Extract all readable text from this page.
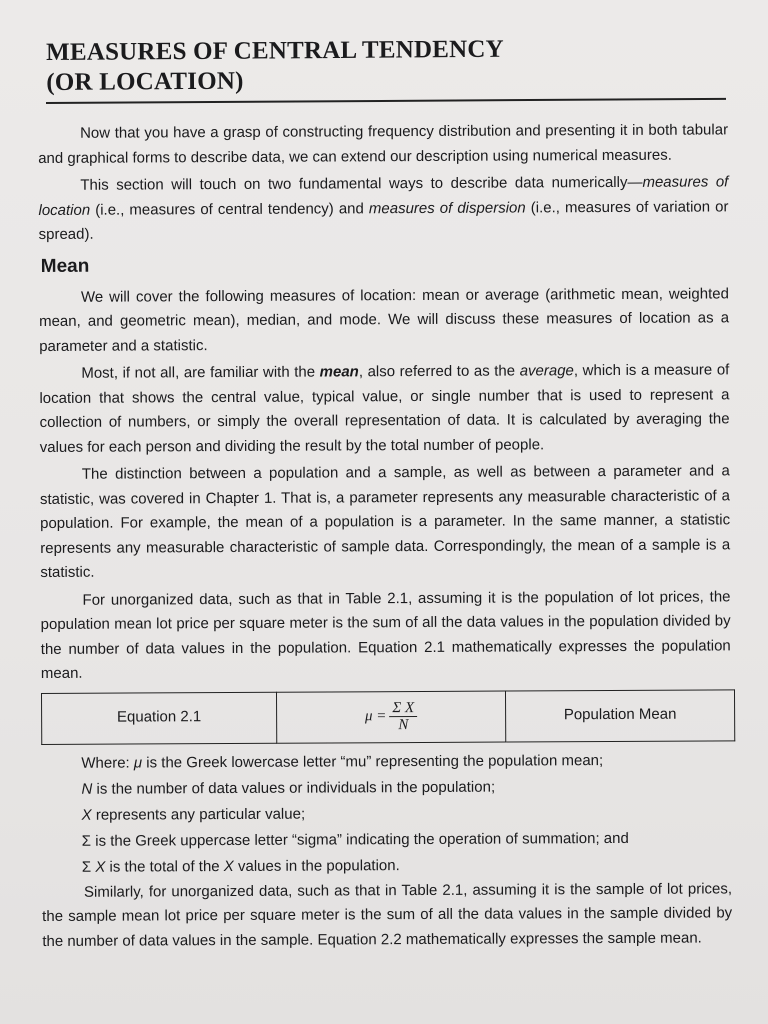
MEASURES OF CENTRAL TENDENCY
(OR LOCATION)

Now that you have a grasp of constructing frequency distribution and presenting it in both tabular and graphical forms to describe data, we can extend our description using numerical measures.

This section will touch on two fundamental ways to describe data numerically—measures of location (i.e., measures of central tendency) and measures of dispersion (i.e., measures of variation or spread).

Mean

We will cover the following measures of location: mean or average (arithmetic mean, weighted mean, and geometric mean), median, and mode. We will discuss these measures of location as a parameter and a statistic.

Most, if not all, are familiar with the mean, also referred to as the average, which is a measure of location that shows the central value, typical value, or single number that is used to represent a collection of numbers, or simply the overall representation of data. It is calculated by averaging the values for each person and dividing the result by the total number of people.

The distinction between a population and a sample, as well as between a parameter and a statistic, was covered in Chapter 1. That is, a parameter represents any measurable characteristic of a population. For example, the mean of a population is a parameter. In the same manner, a statistic represents any measurable characteristic of sample data. Correspondingly, the mean of a sample is a statistic.

For unorganized data, such as that in Table 2.1, assuming it is the population of lot prices, the population mean lot price per square meter is the sum of all the data values in the population divided by the number of data values in the population. Equation 2.1 mathematically expresses the population mean.

Equation 2.1	$\mu = \frac{\text{Σ X}}{N}$	Population Mean
Where: μ is the Greek lowercase letter “mu” representing the population mean;
N is the number of data values or individuals in the population;
X represents any particular value;
Σ is the Greek uppercase letter “sigma” indicating the operation of summation; and
Σ X is the total of the X values in the population.

Similarly, for unorganized data, such as that in Table 2.1, assuming it is the sample of lot prices, the sample mean lot price per square meter is the sum of all the data values in the sample divided by the number of data values in the sample. Equation 2.2 mathematically expresses the sample mean.
